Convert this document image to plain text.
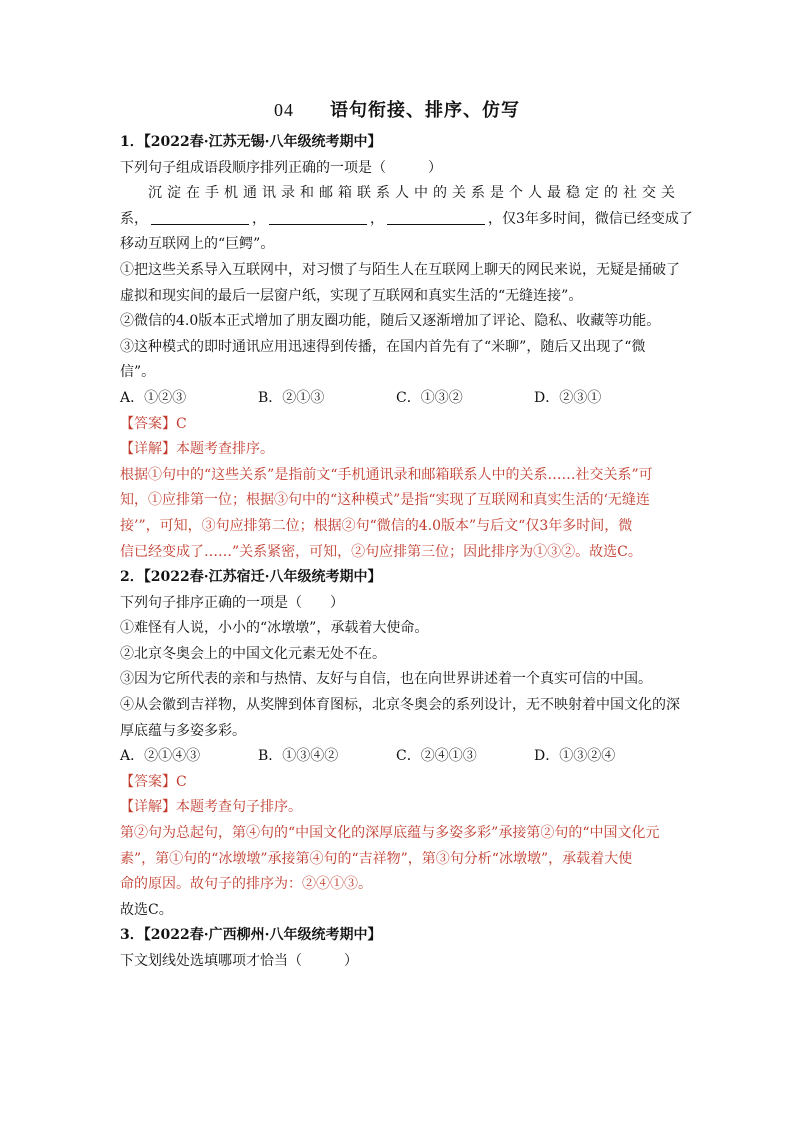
04 语句衔接、排序、仿写
1．【2022春·江苏无锡·八年级统考期中】
下列句子组成语段顺序排列正确的一项是（　　　）
沉淀在手机通讯录和邮箱联系人中的关系是个人最稳定的社交关
系，	，	，	，仅3年多时间，微信已经变成了
移动互联网上的“巨鳄”。
①把这些关系导入互联网中，对习惯了与陌生人在互联网上聊天的网民来说，无疑是捅破了
虚拟和现实间的最后一层窗户纸，实现了互联网和真实生活的“无缝连接”。
②微信的4.0版本正式增加了朋友圈功能，随后又逐渐增加了评论、隐私、收藏等功能。
③这种模式的即时通讯应用迅速得到传播，在国内首先有了“米聊”，随后又出现了“微
信”。
A．①②③	B．②①③	C．①③②	D．②③①
【答案】C
【详解】本题考查排序。
根据①句中的“这些关系”是指前文“手机通讯录和邮箱联系人中的关系……社交关系”可
知，①应排第一位；根据③句中的“这种模式”是指“实现了互联网和真实生活的‘无缝连
接’”，可知，③句应排第二位；根据②句“微信的4.0版本”与后文“仅3年多时间，微
信已经变成了……”关系紧密，可知，②句应排第三位；因此排序为①③②。故选C。
2．【2022春·江苏宿迁·八年级统考期中】
下列句子排序正确的一项是（　　）
①难怪有人说，小小的“冰墩墩”，承载着大使命。
②北京冬奥会上的中国文化元素无处不在。
③因为它所代表的亲和与热情、友好与自信，也在向世界讲述着一个真实可信的中国。
④从会徽到吉祥物，从奖牌到体育图标，北京冬奥会的系列设计，无不映射着中国文化的深
厚底蕴与多姿多彩。
A．②①④③	B．①③④②	C．②④①③	D．①③②④
【答案】C
【详解】本题考查句子排序。
第②句为总起句，第④句的“中国文化的深厚底蕴与多姿多彩”承接第②句的“中国文化元
素”，第①句的“冰墩墩”承接第④句的“吉祥物”，第③句分析“冰墩墩”，承载着大使
命的原因。故句子的排序为：②④①③。
故选C。
3．【2022春·广西柳州·八年级统考期中】
下文划线处选填哪项才恰当（　　　）
